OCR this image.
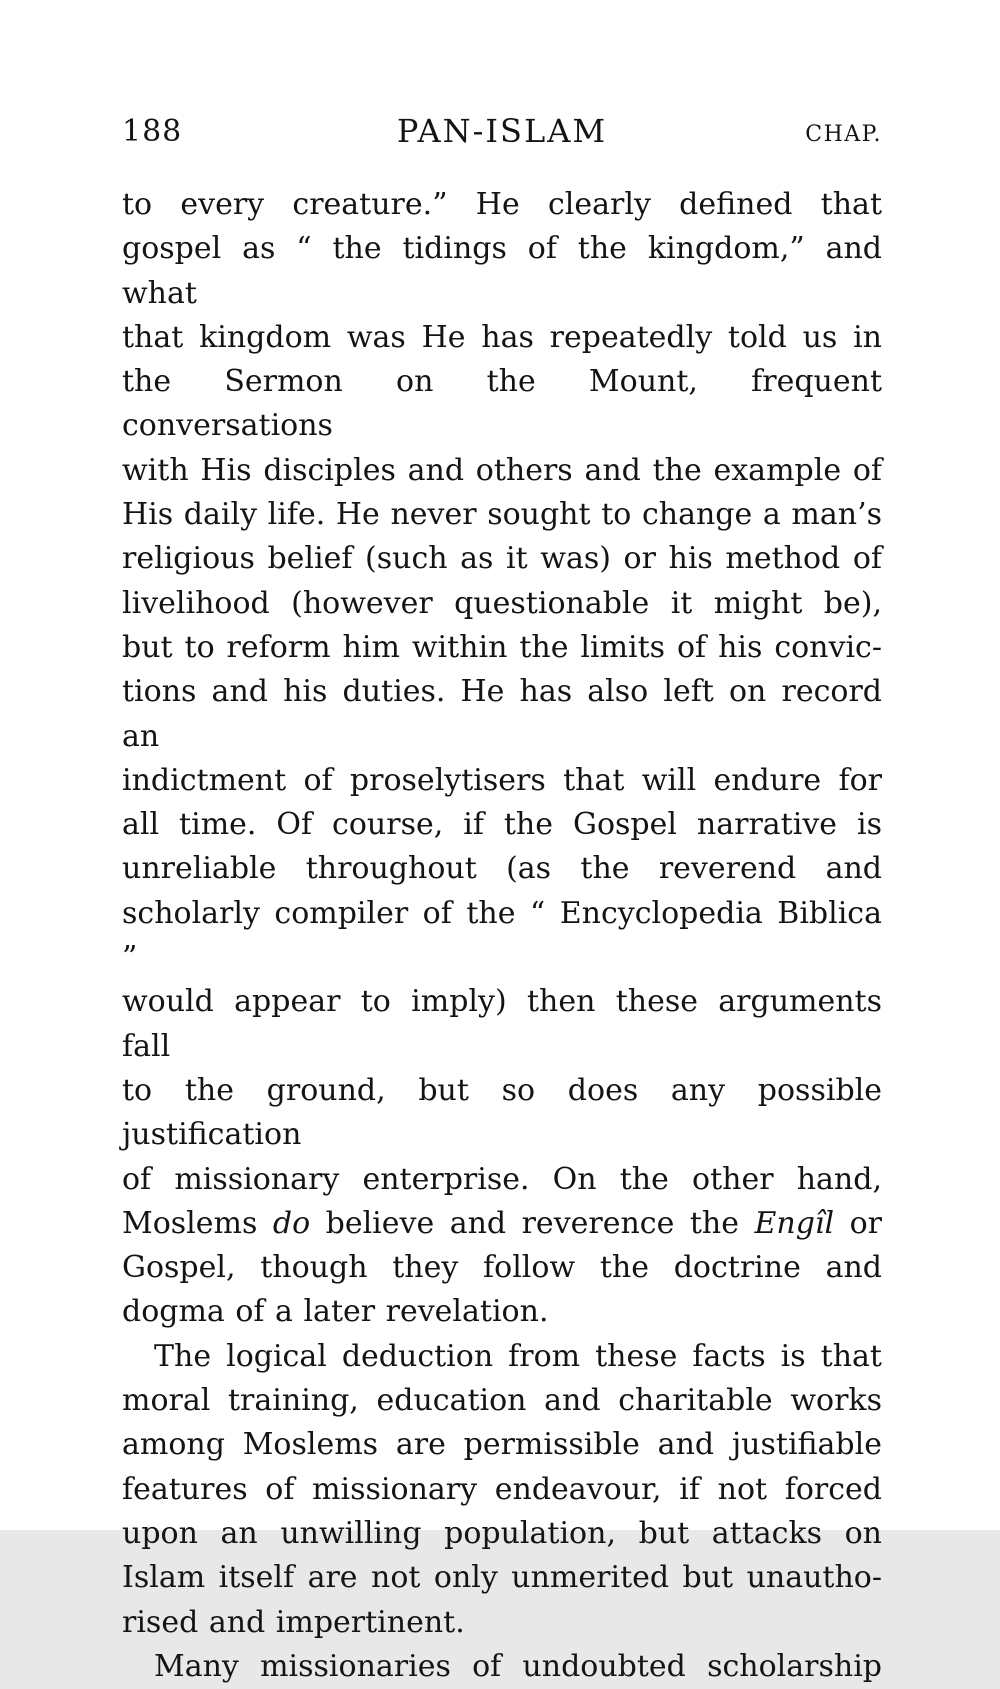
188	PAN-ISLAM	CHAP.
to every creature.” He clearly defined that
gospel as “ the tidings of the kingdom,” and what
that kingdom was He has repeatedly told us in
the Sermon on the Mount, frequent conversations
with His disciples and others and the example of
His daily life. He never sought to change a man’s
religious belief (such as it was) or his method of
livelihood (however questionable it might be),
but to reform him within the limits of his convic-
tions and his duties. He has also left on record an
indictment of proselytisers that will endure for
all time. Of course, if the Gospel narrative is
unreliable throughout (as the reverend and
scholarly compiler of the “ Encyclopedia Biblica ”
would appear to imply) then these arguments fall
to the ground, but so does any possible justification
of missionary enterprise. On the other hand,
Moslems do believe and reverence the Engîl or
Gospel, though they follow the doctrine and
dogma of a later revelation.
The logical deduction from these facts is that
moral training, education and charitable works
among Moslems are permissible and justifiable
features of missionary endeavour, if not forced
upon an unwilling population, but attacks on
Islam itself are not only unmerited but unautho-
rised and impertinent.
Many missionaries of undoubted scholarship
